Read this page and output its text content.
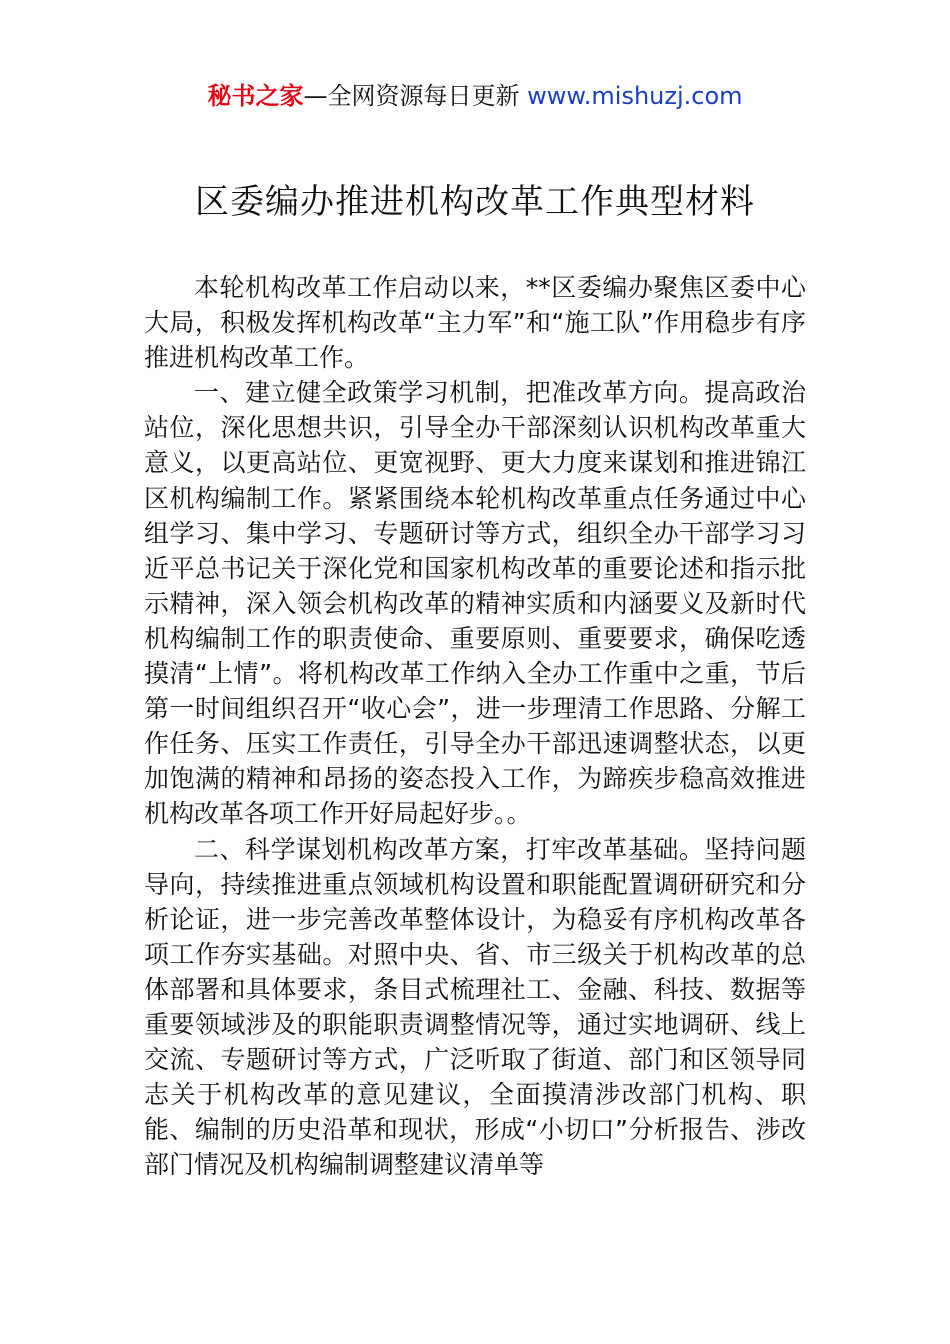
秘书之家—全网资源每日更新 www.mishuzj.com
区委编办推进机构改革工作典型材料

本轮机构改革工作启动以来，**区委编办聚焦区委中心大局，积极发挥机构改革“主力军”和“施工队”作用稳步有序推进机构改革工作。

一、建立健全政策学习机制，把准改革方向。提高政治站位，深化思想共识，引导全办干部深刻认识机构改革重大意义，以更高站位、更宽视野、更大力度来谋划和推进锦江区机构编制工作。紧紧围绕本轮机构改革重点任务通过中心组学习、集中学习、专题研讨等方式，组织全办干部学习习近平总书记关于深化党和国家机构改革的重要论述和指示批示精神，深入领会机构改革的精神实质和内涵要义及新时代机构编制工作的职责使命、重要原则、重要要求，确保吃透摸清“上情”。将机构改革工作纳入全办工作重中之重，节后第一时间组织召开“收心会”，进一步理清工作思路、分解工作任务、压实工作责任，引导全办干部迅速调整状态，以更加饱满的精神和昂扬的姿态投入工作，为蹄疾步稳高效推进机构改革各项工作开好局起好步。。

二、科学谋划机构改革方案，打牢改革基础。坚持问题导向，持续推进重点领域机构设置和职能配置调研研究和分析论证，进一步完善改革整体设计，为稳妥有序机构改革各项工作夯实基础。对照中央、省、市三级关于机构改革的总体部署和具体要求，条目式梳理社工、金融、科技、数据等重要领域涉及的职能职责调整情况等，通过实地调研、线上交流、专题研讨等方式，广泛听取了街道、部门和区领导同志关于机构改革的意见建议，全面摸清涉改部门机构、职能、编制的历史沿革和现状，形成“小切口”分析报告、涉改部门情况及机构编制调整建议清单等
